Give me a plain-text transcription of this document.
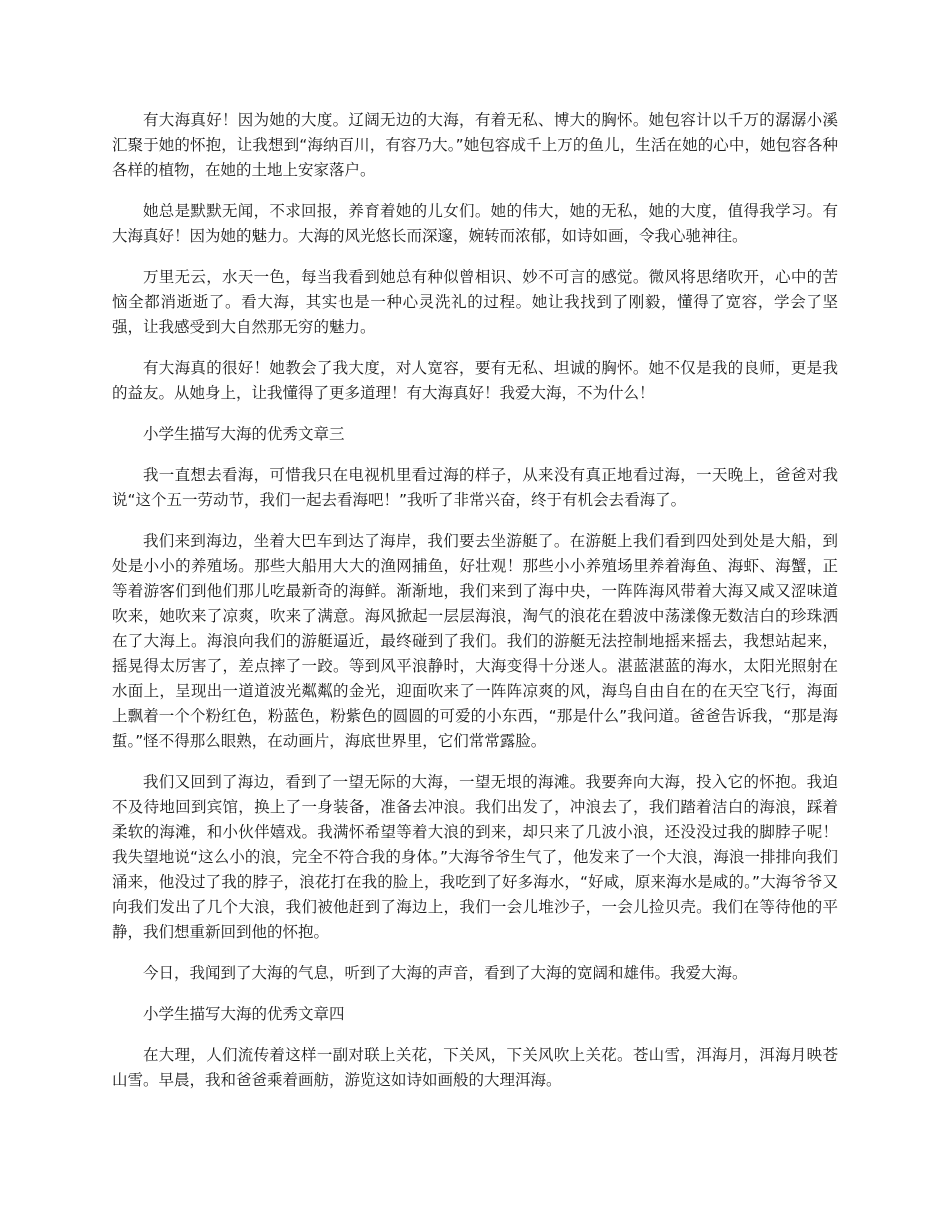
有大海真好！因为她的大度。辽阔无边的大海，有着无私、博大的胸怀。她包容计以千万的潺潺小溪汇聚于她的怀抱，让我想到“海纳百川，有容乃大。”她包容成千上万的鱼儿，生活在她的心中，她包容各种各样的植物，在她的土地上安家落户。

她总是默默无闻，不求回报，养育着她的儿女们。她的伟大，她的无私，她的大度，值得我学习。有大海真好！因为她的魅力。大海的风光悠长而深邃，婉转而浓郁，如诗如画，令我心驰神往。

万里无云，水天一色，每当我看到她总有种似曾相识、妙不可言的感觉。微风将思绪吹开，心中的苦恼全都消逝逝了。看大海，其实也是一种心灵洗礼的过程。她让我找到了刚毅，懂得了宽容，学会了坚强，让我感受到大自然那无穷的魅力。

有大海真的很好！她教会了我大度，对人宽容，要有无私、坦诚的胸怀。她不仅是我的良师，更是我的益友。从她身上，让我懂得了更多道理！有大海真好！我爱大海，不为什么！

小学生描写大海的优秀文章三

我一直想去看海，可惜我只在电视机里看过海的样子，从来没有真正地看过海，一天晚上，爸爸对我说“这个五一劳动节，我们一起去看海吧！”我听了非常兴奋，终于有机会去看海了。

我们来到海边，坐着大巴车到达了海岸，我们要去坐游艇了。在游艇上我们看到四处到处是大船，到处是小小的养殖场。那些大船用大大的渔网捕鱼，好壮观！那些小小养殖场里养着海鱼、海虾、海蟹，正等着游客们到他们那儿吃最新奇的海鲜。渐渐地，我们来到了海中央，一阵阵海风带着大海又咸又涩味道吹来，她吹来了凉爽，吹来了满意。海风掀起一层层海浪，淘气的浪花在碧波中荡漾像无数洁白的珍珠洒在了大海上。海浪向我们的游艇逼近，最终碰到了我们。我们的游艇无法控制地摇来摇去，我想站起来，摇晃得太厉害了，差点摔了一跤。等到风平浪静时，大海变得十分迷人。湛蓝湛蓝的海水，太阳光照射在水面上，呈现出一道道波光粼粼的金光，迎面吹来了一阵阵凉爽的风，海鸟自由自在的在天空飞行，海面上飘着一个个粉红色，粉蓝色，粉紫色的圆圆的可爱的小东西，“那是什么”我问道。爸爸告诉我，“那是海蜇。”怪不得那么眼熟，在动画片，海底世界里，它们常常露脸。

我们又回到了海边，看到了一望无际的大海，一望无垠的海滩。我要奔向大海，投入它的怀抱。我迫不及待地回到宾馆，换上了一身装备，准备去冲浪。我们出发了，冲浪去了，我们踏着洁白的海浪，踩着柔软的海滩，和小伙伴嬉戏。我满怀希望等着大浪的到来，却只来了几波小浪，还没没过我的脚脖子呢！我失望地说“这么小的浪，完全不符合我的身体。”大海爷爷生气了，他发来了一个大浪，海浪一排排向我们涌来，他没过了我的脖子，浪花打在我的脸上，我吃到了好多海水，“好咸，原来海水是咸的。”大海爷爷又向我们发出了几个大浪，我们被他赶到了海边上，我们一会儿堆沙子，一会儿捡贝壳。我们在等待他的平静，我们想重新回到他的怀抱。

今日，我闻到了大海的气息，听到了大海的声音，看到了大海的宽阔和雄伟。我爱大海。

小学生描写大海的优秀文章四

在大理，人们流传着这样一副对联上关花，下关风，下关风吹上关花。苍山雪，洱海月，洱海月映苍山雪。早晨，我和爸爸乘着画舫，游览这如诗如画般的大理洱海。
